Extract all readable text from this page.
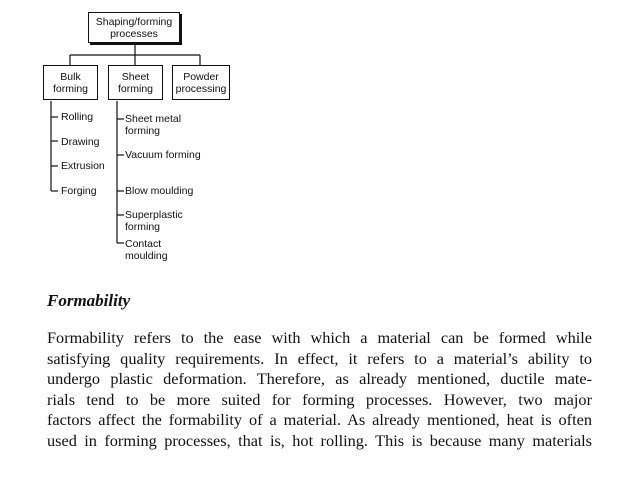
Shaping/forming
processes
Bulk
forming
Sheet
forming
Powder
processing
Rolling
Drawing
Extrusion
Forging
Sheet metal
forming
Vacuum forming
Blow moulding
Superplastic
forming
Contact
moulding
Formability
Formability refers to the ease with which a material can be formed while
satisfying quality requirements. In effect, it refers to a material’s ability to
undergo plastic deformation. Therefore, as already mentioned, ductile mate-
rials tend to be more suited for forming processes. However, two major
factors affect the formability of a material. As already mentioned, heat is often
used in forming processes, that is, hot rolling. This is because many materials
